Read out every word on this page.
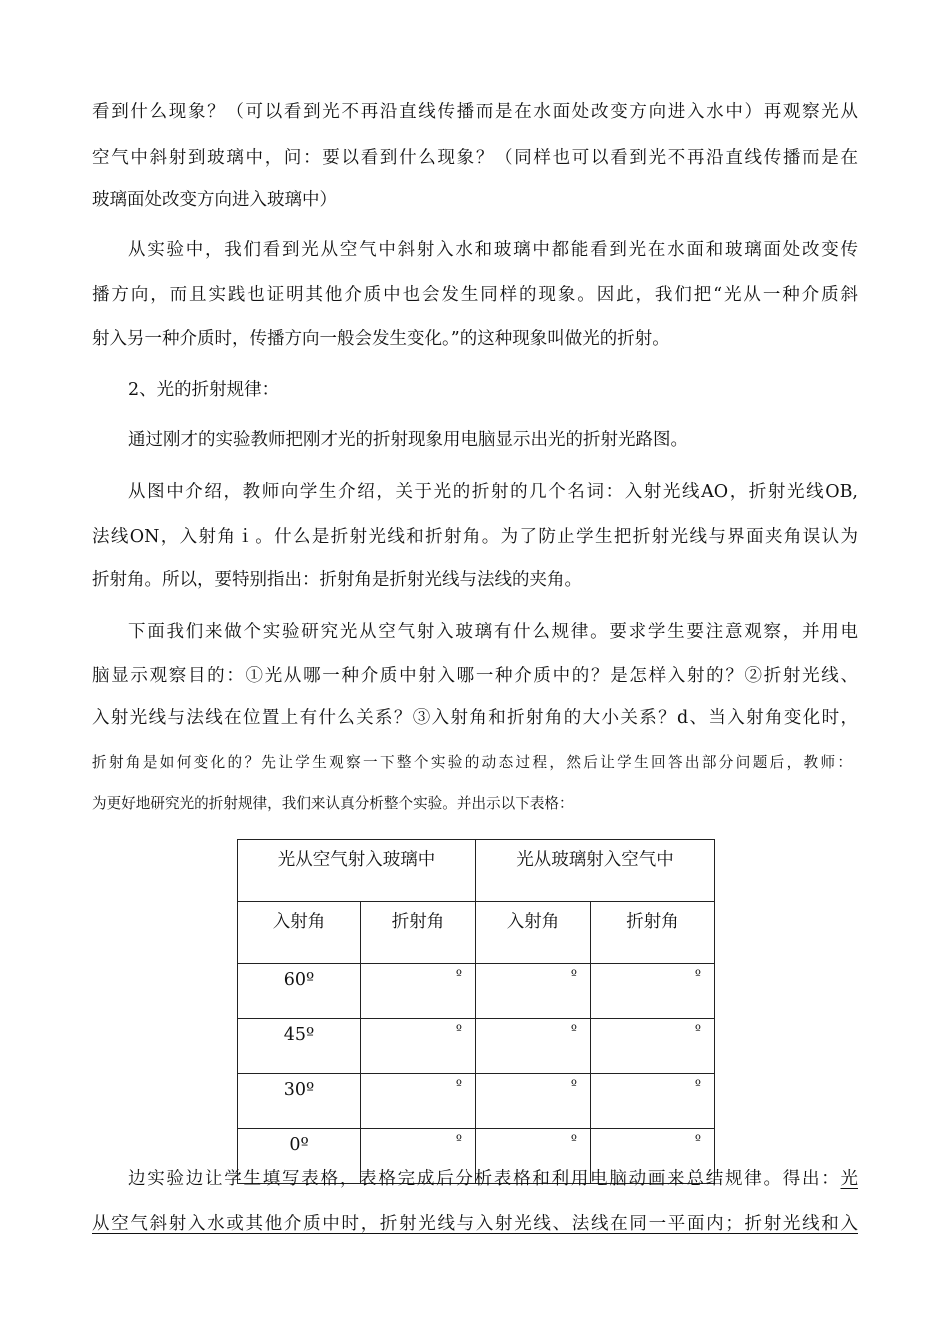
看到什么现象？（可以看到光不再沿直线传播而是在水面处改变方向进入水中）再观察光从

空气中斜射到玻璃中，问：要以看到什么现象？（同样也可以看到光不再沿直线传播而是在

玻璃面处改变方向进入玻璃中）

从实验中，我们看到光从空气中斜射入水和玻璃中都能看到光在水面和玻璃面处改变传

播方向，而且实践也证明其他介质中也会发生同样的现象。因此，我们把“光从一种介质斜

射入另一种介质时，传播方向一般会发生变化。”的这种现象叫做光的折射。

2、光的折射规律：

通过刚才的实验教师把刚才光的折射现象用电脑显示出光的折射光路图。

从图中介绍，教师向学生介绍，关于光的折射的几个名词：入射光线AO，折射光线OB,

法线ON，入射角ｉ。什么是折射光线和折射角。为了防止学生把折射光线与界面夹角误认为

折射角。所以，要特别指出：折射角是折射光线与法线的夹角。

下面我们来做个实验研究光从空气射入玻璃有什么规律。要求学生要注意观察，并用电

脑显示观察目的：①光从哪一种介质中射入哪一种介质中的？是怎样入射的？②折射光线、

入射光线与法线在位置上有什么关系？③入射角和折射角的大小关系？d、当入射角变化时，

折射角是如何变化的？先让学生观察一下整个实验的动态过程，然后让学生回答出部分问题后，教师：

为更好地研究光的折射规律，我们来认真分析整个实验。并出示以下表格：

光从空气射入玻璃中		光从玻璃射入空气中	
入射角	折射角	入射角	折射角

60º	º	º	º

45º	º	º	º

30º	º	º	º

0º	º	º	º

边实验边让学生填写表格，表格完成后分析表格和利用电脑动画来总结规律。得出：光

从空气斜射入水或其他介质中时，折射光线与入射光线、法线在同一平面内；折射光线和入
